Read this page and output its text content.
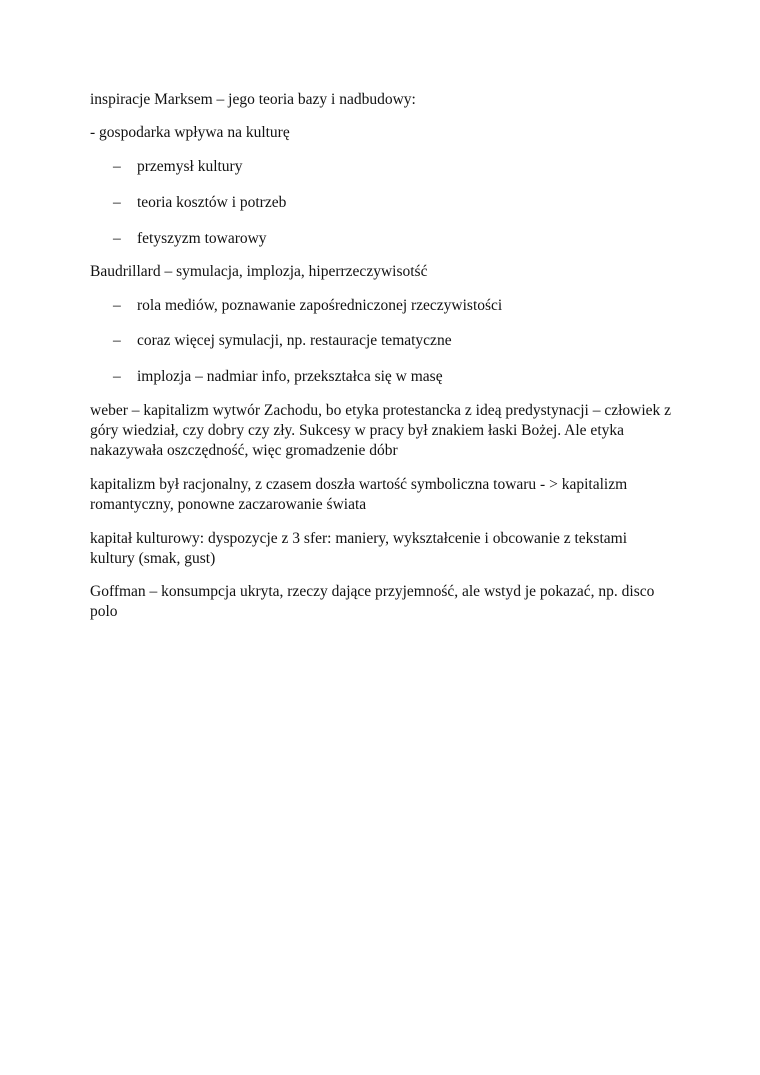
inspiracje Marksem – jego teoria bazy i nadbudowy:
- gospodarka wpływa na kulturę
– przemysł kultury
– teoria kosztów i potrzeb
– fetyszyzm towarowy
Baudrillard – symulacja, implozja, hiperrzeczywisotść
– rola mediów, poznawanie zapośredniczonej rzeczywistości
– coraz więcej symulacji, np. restauracje tematyczne
– implozja – nadmiar info, przekształca się w masę
weber – kapitalizm wytwór Zachodu, bo etyka protestancka z ideą predystynacji – człowiek z
góry wiedział, czy dobry czy zły. Sukcesy w pracy był znakiem łaski Bożej. Ale etyka
nakazywała oszczędność, więc gromadzenie dóbr
kapitalizm był racjonalny, z czasem doszła wartość symboliczna towaru - > kapitalizm
romantyczny, ponowne zaczarowanie świata
kapitał kulturowy: dyspozycje z 3 sfer: maniery, wykształcenie i obcowanie z tekstami
kultury (smak, gust)
Goffman – konsumpcja ukryta, rzeczy dające przyjemność, ale wstyd je pokazać, np. disco
polo
